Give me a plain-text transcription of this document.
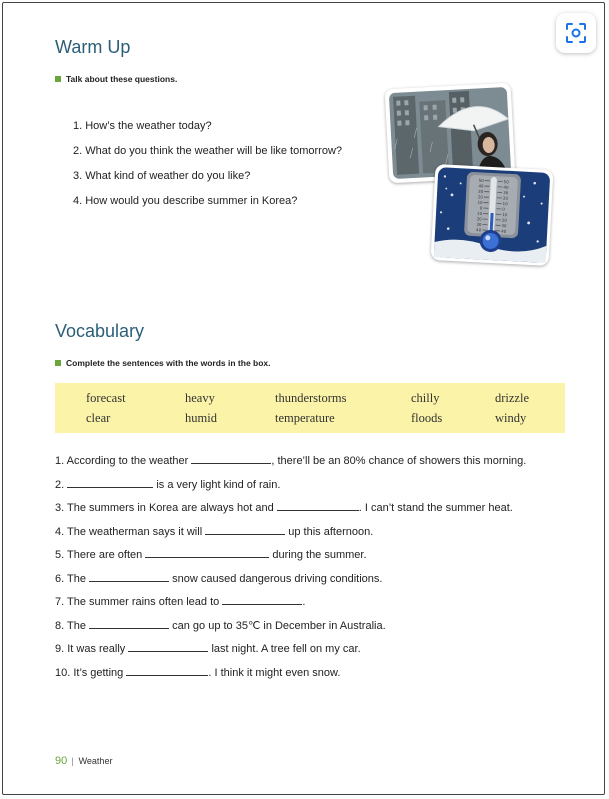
Warm Up
Talk about these questions.
1. How’s the weather today?
2. What do you think the weather will be like tomorrow?
3. What kind of weather do you like?
4. How would you describe summer in Korea?
50
40
30
20
10
0
10
20
30
40
50
40
30
20
10
0
10
20
30
40
Vocabulary
Complete the sentences with the words in the box.
forecast	heavy	thunderstorms	chilly	drizzle
clear	humid	temperature	floods	windy
1. According to the weather	, there’ll be an 80% chance of showers this morning.
2.	is a very light kind of rain.
3. The summers in Korea are always hot and	. I can’t stand the summer heat.
4. The weatherman says it will	up this afternoon.
5. There are often	during the summer.
6. The	snow caused dangerous driving conditions.
7. The summer rains often lead to	.
8. The	can go up to 35℃ in December in Australia.
9. It was really	last night. A tree fell on my car.
10. It’s getting	. I think it might even snow.
90 | Weather
